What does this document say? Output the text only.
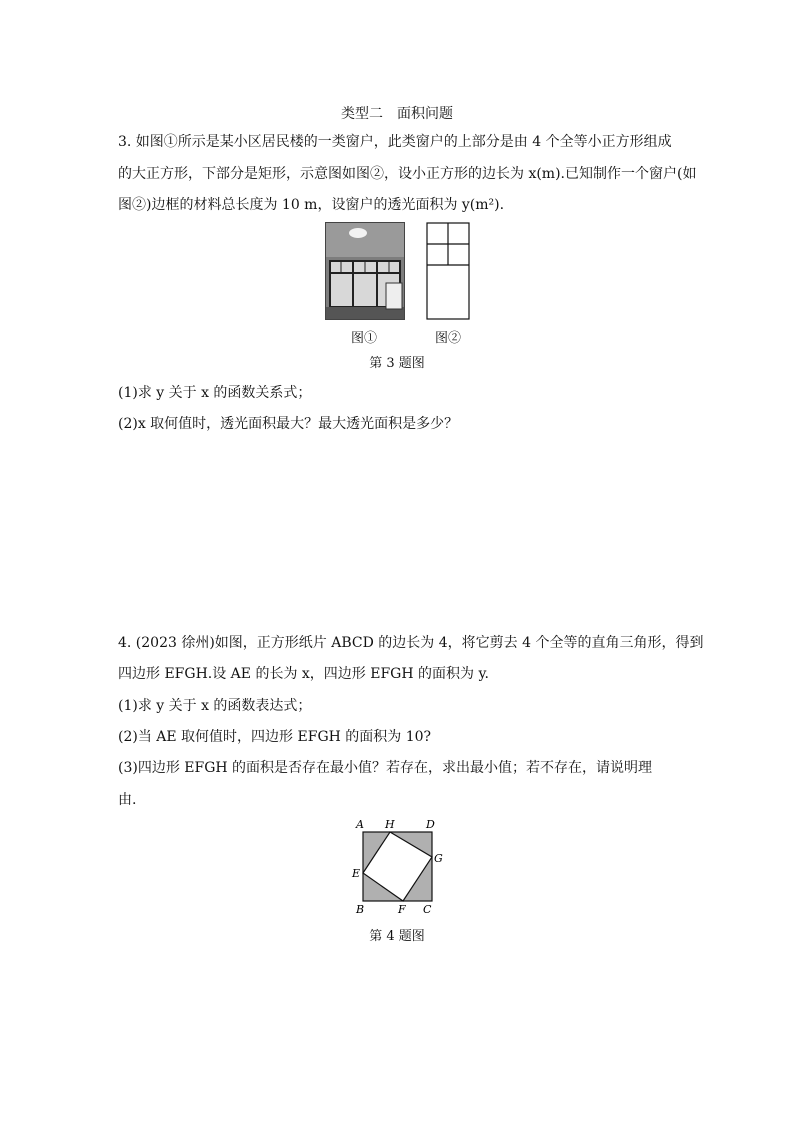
类型二　面积问题
3. 如图①所示是某小区居民楼的一类窗户，此类窗户的上部分是由 4 个全等小正方形组成
的大正方形，下部分是矩形，示意图如图②，设小正方形的边长为 x(m).已知制作一个窗户(如
图②)边框的材料总长度为 10 m，设窗户的透光面积为 y(m²).
图①	图②
第 3 题图
(1)求 y 关于 x 的函数关系式；
(2)x 取何值时，透光面积最大？最大透光面积是多少？
4. (2023 徐州)如图，正方形纸片 ABCD 的边长为 4，将它剪去 4 个全等的直角三角形，得到
四边形 EFGH.设 AE 的长为 x，四边形 EFGH 的面积为 y.
(1)求 y 关于 x 的函数表达式；
(2)当 AE 取何值时，四边形 EFGH 的面积为 10?
(3)四边形 EFGH 的面积是否存在最小值？若存在，求出最小值；若不存在，请说明理
由.
A H	D
E
G
B	F C
第 4 题图
